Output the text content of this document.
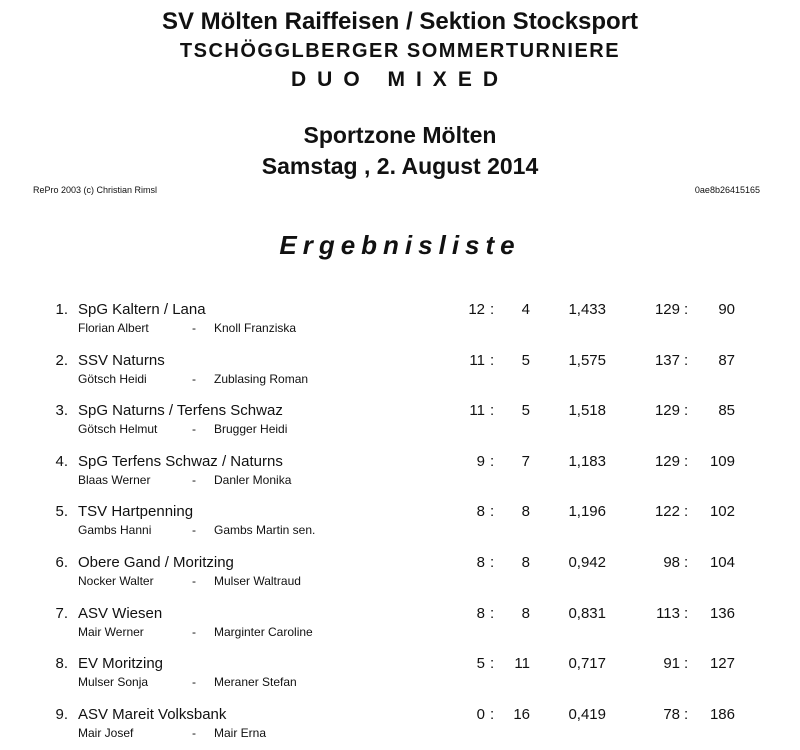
SV Mölten Raiffeisen / Sektion Stocksport
TSCHÖGGLBERGER SOMMERTURNIERE
DUO MIXED
Sportzone Mölten
Samstag , 2. August 2014
RePro 2003 (c) Christian Rimsl	0ae8b26415165
Ergebnisliste
1. SpG Kaltern / Lana	12 :	4	1,433	129 :	90
Florian Albert	- Knoll Franziska
2. SSV Naturns	11 :	5	1,575	137 :	87
Götsch Heidi	- Zublasing Roman
3. SpG Naturns / Terfens Schwaz	11 :	5	1,518	129 :	85
Götsch Helmut	- Brugger Heidi
4. SpG Terfens Schwaz / Naturns	9 :	7	1,183	129 :	109
Blaas Werner	- Danler Monika
5. TSV Hartpenning	8 :	8	1,196	122 :	102
Gambs Hanni	- Gambs Martin sen.
6. Obere Gand / Moritzing	8 :	8	0,942	98 :	104
Nocker Walter	- Mulser Waltraud
7. ASV Wiesen	8 :	8	0,831	113 :	136
Mair Werner	- Marginter Caroline
8. EV Moritzing	5 :	11	0,717	91 :	127
Mulser Sonja	- Meraner Stefan
9. ASV Mareit Volksbank	0 :	16	0,419	78 :	186
Mair Josef	- Mair Erna
